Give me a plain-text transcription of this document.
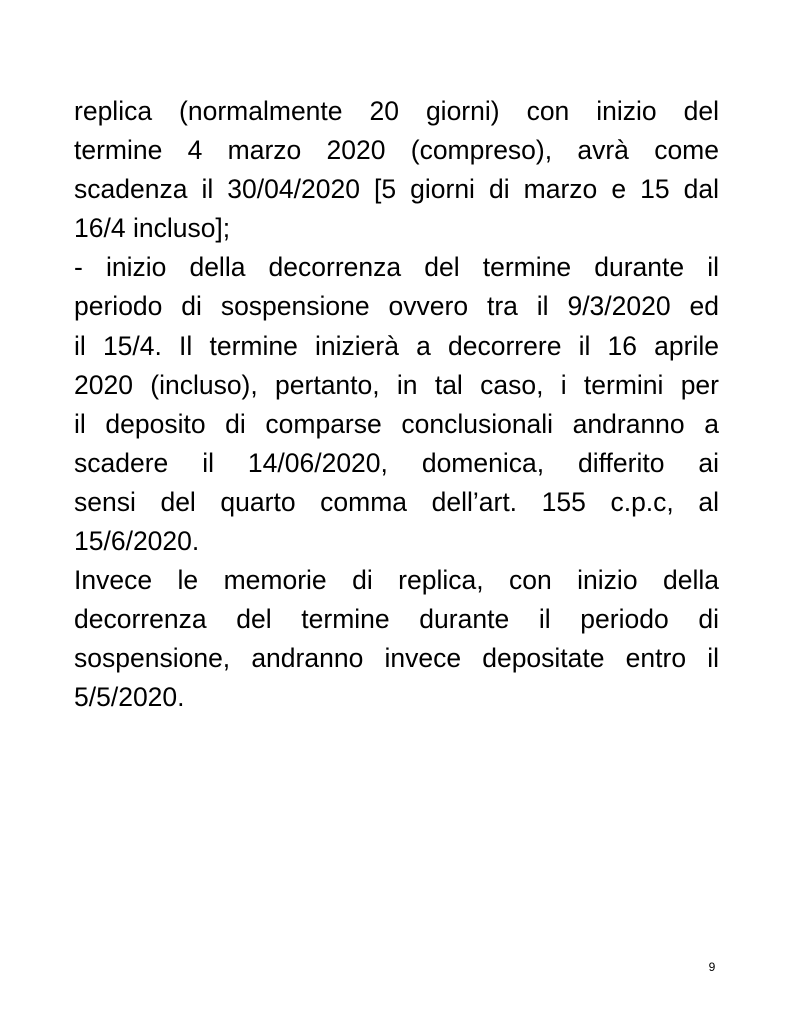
replica (normalmente 20 giorni) con inizio del
termine 4 marzo 2020 (compreso), avrà come
scadenza il 30/04/2020 [5 giorni di marzo e 15 dal
16/4 incluso];
- inizio della decorrenza del termine durante il
periodo di sospensione ovvero tra il 9/3/2020 ed
il 15/4. Il termine inizierà a decorrere il 16 aprile
2020 (incluso), pertanto, in tal caso, i termini per
il deposito di comparse conclusionali andranno a
scadere il 14/06/2020, domenica, differito ai
sensi del quarto comma dell’art. 155 c.p.c, al
15/6/2020.
Invece le memorie di replica, con inizio della
decorrenza del termine durante il periodo di
sospensione, andranno invece depositate entro il
5/5/2020.
9
